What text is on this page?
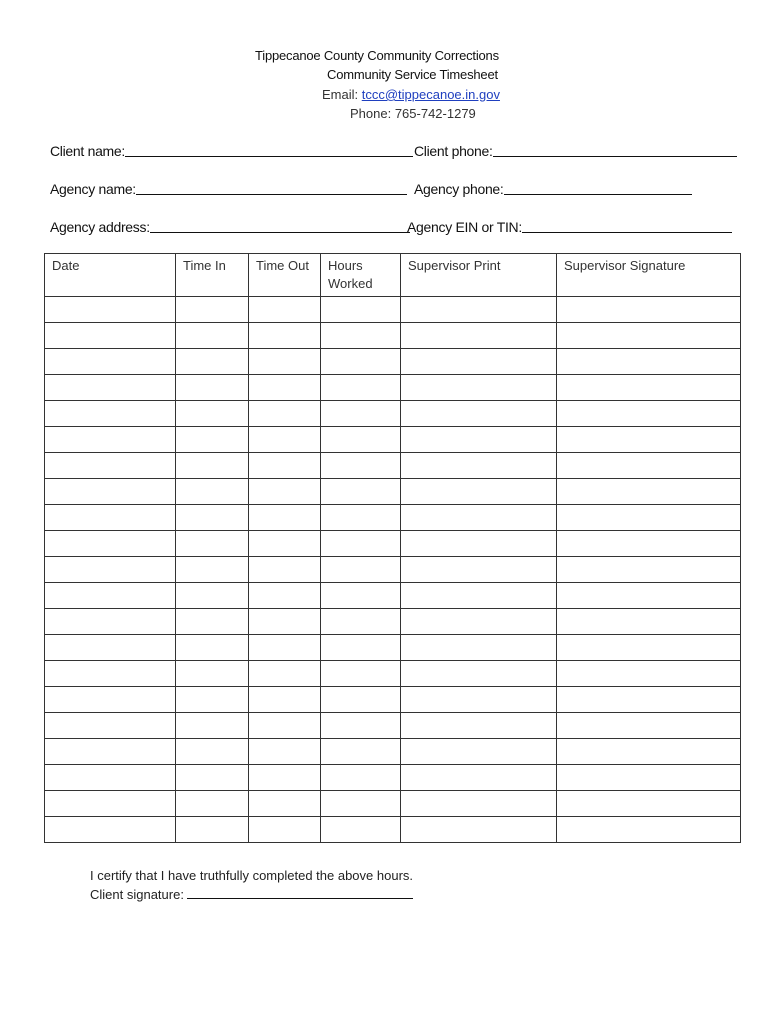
Tippecanoe County Community Corrections
Community Service Timesheet
Email: tccc@tippecanoe.in.gov
Phone: 765-742-1279
Client name:	Client phone:
Agency name:	Agency phone:
Agency address:	Agency EIN or TIN:
Date	Time In	Time Out	Hours Worked	Supervisor Print	Supervisor Signature

I certify that I have truthfully completed the above hours.
Client signature:
